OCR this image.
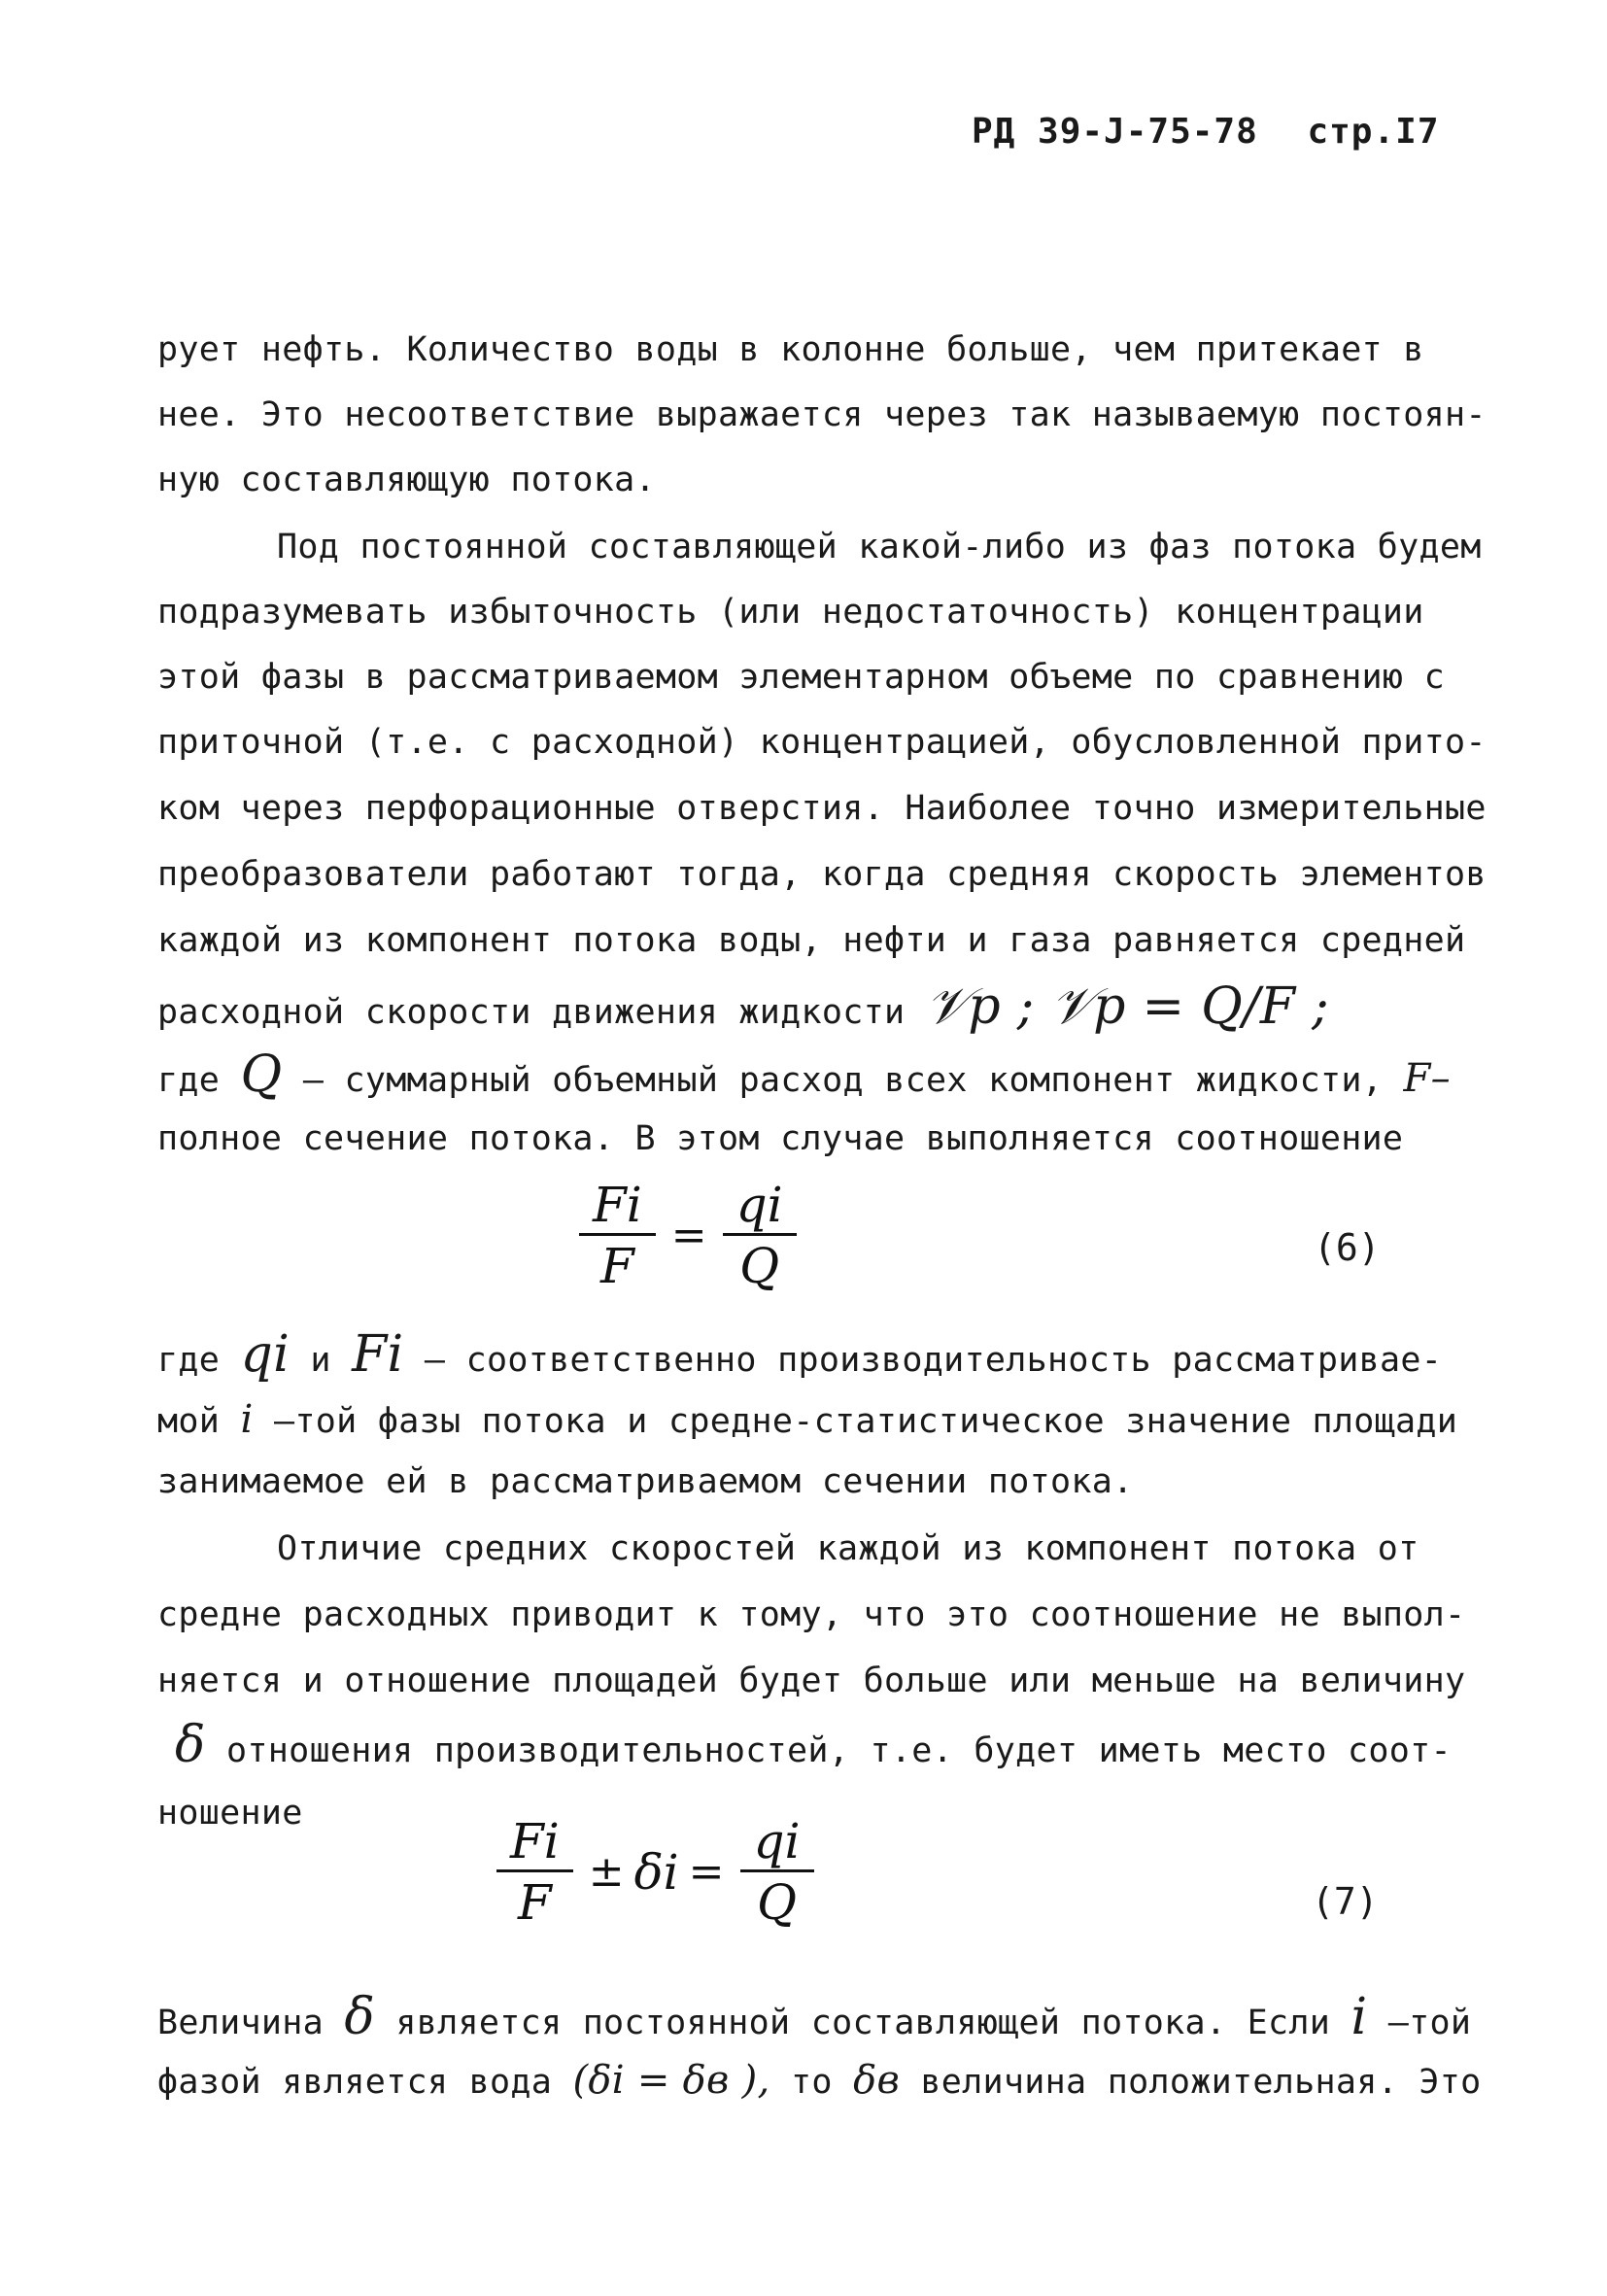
РД 39-Ј-75-78 стр.I7
рует нефть. Количество воды в колонне больше, чем притекает в
нее. Это несоответствие выражается через так называемую постоян-
ную составляющую потока.
Под постоянной составляющей какой-либо из фаз потока будем
подразумевать избыточность (или недостаточность) концентрации
этой фазы в рассматриваемом элементарном объеме по сравнению с
приточной (т.е. с расходной) концентрацией, обусловленной прито-
ком через перфорационные отверстия. Наиболее точно измерительные
преобразователи работают тогда, когда средняя скорость элементов
каждой из компонент потока воды, нефти и газа равняется средней
расходной скорости движения жидкости 𝒱p ; 𝒱p = Q/F ;
где Q – суммарный объемный расход всех компонент жидкости, F–
полное сечение потока. В этом случае выполняется соотношение
$\frac{Fi}{F} = \frac{qi}{Q}$	(6)
где qi и Fi – соответственно производительность рассматривае-
мой i –той фазы потока и средне-статистическое значение площади
занимаемое ей в рассматриваемом сечении потока.
Отличие средних скоростей каждой из компонент потока от
средне расходных приводит к тому, что это соотношение не выпол-
няется и отношение площадей будет больше или меньше на величину
δ отношения производительностей, т.е. будет иметь место соот-
ношение
$\frac{Fi}{F} \pm \delta i = \frac{qi}{Q}$	(7)
Величина δ является постоянной составляющей потока. Если i –той
фазой является вода (δi = δв ), то δв величина положительная. Это
